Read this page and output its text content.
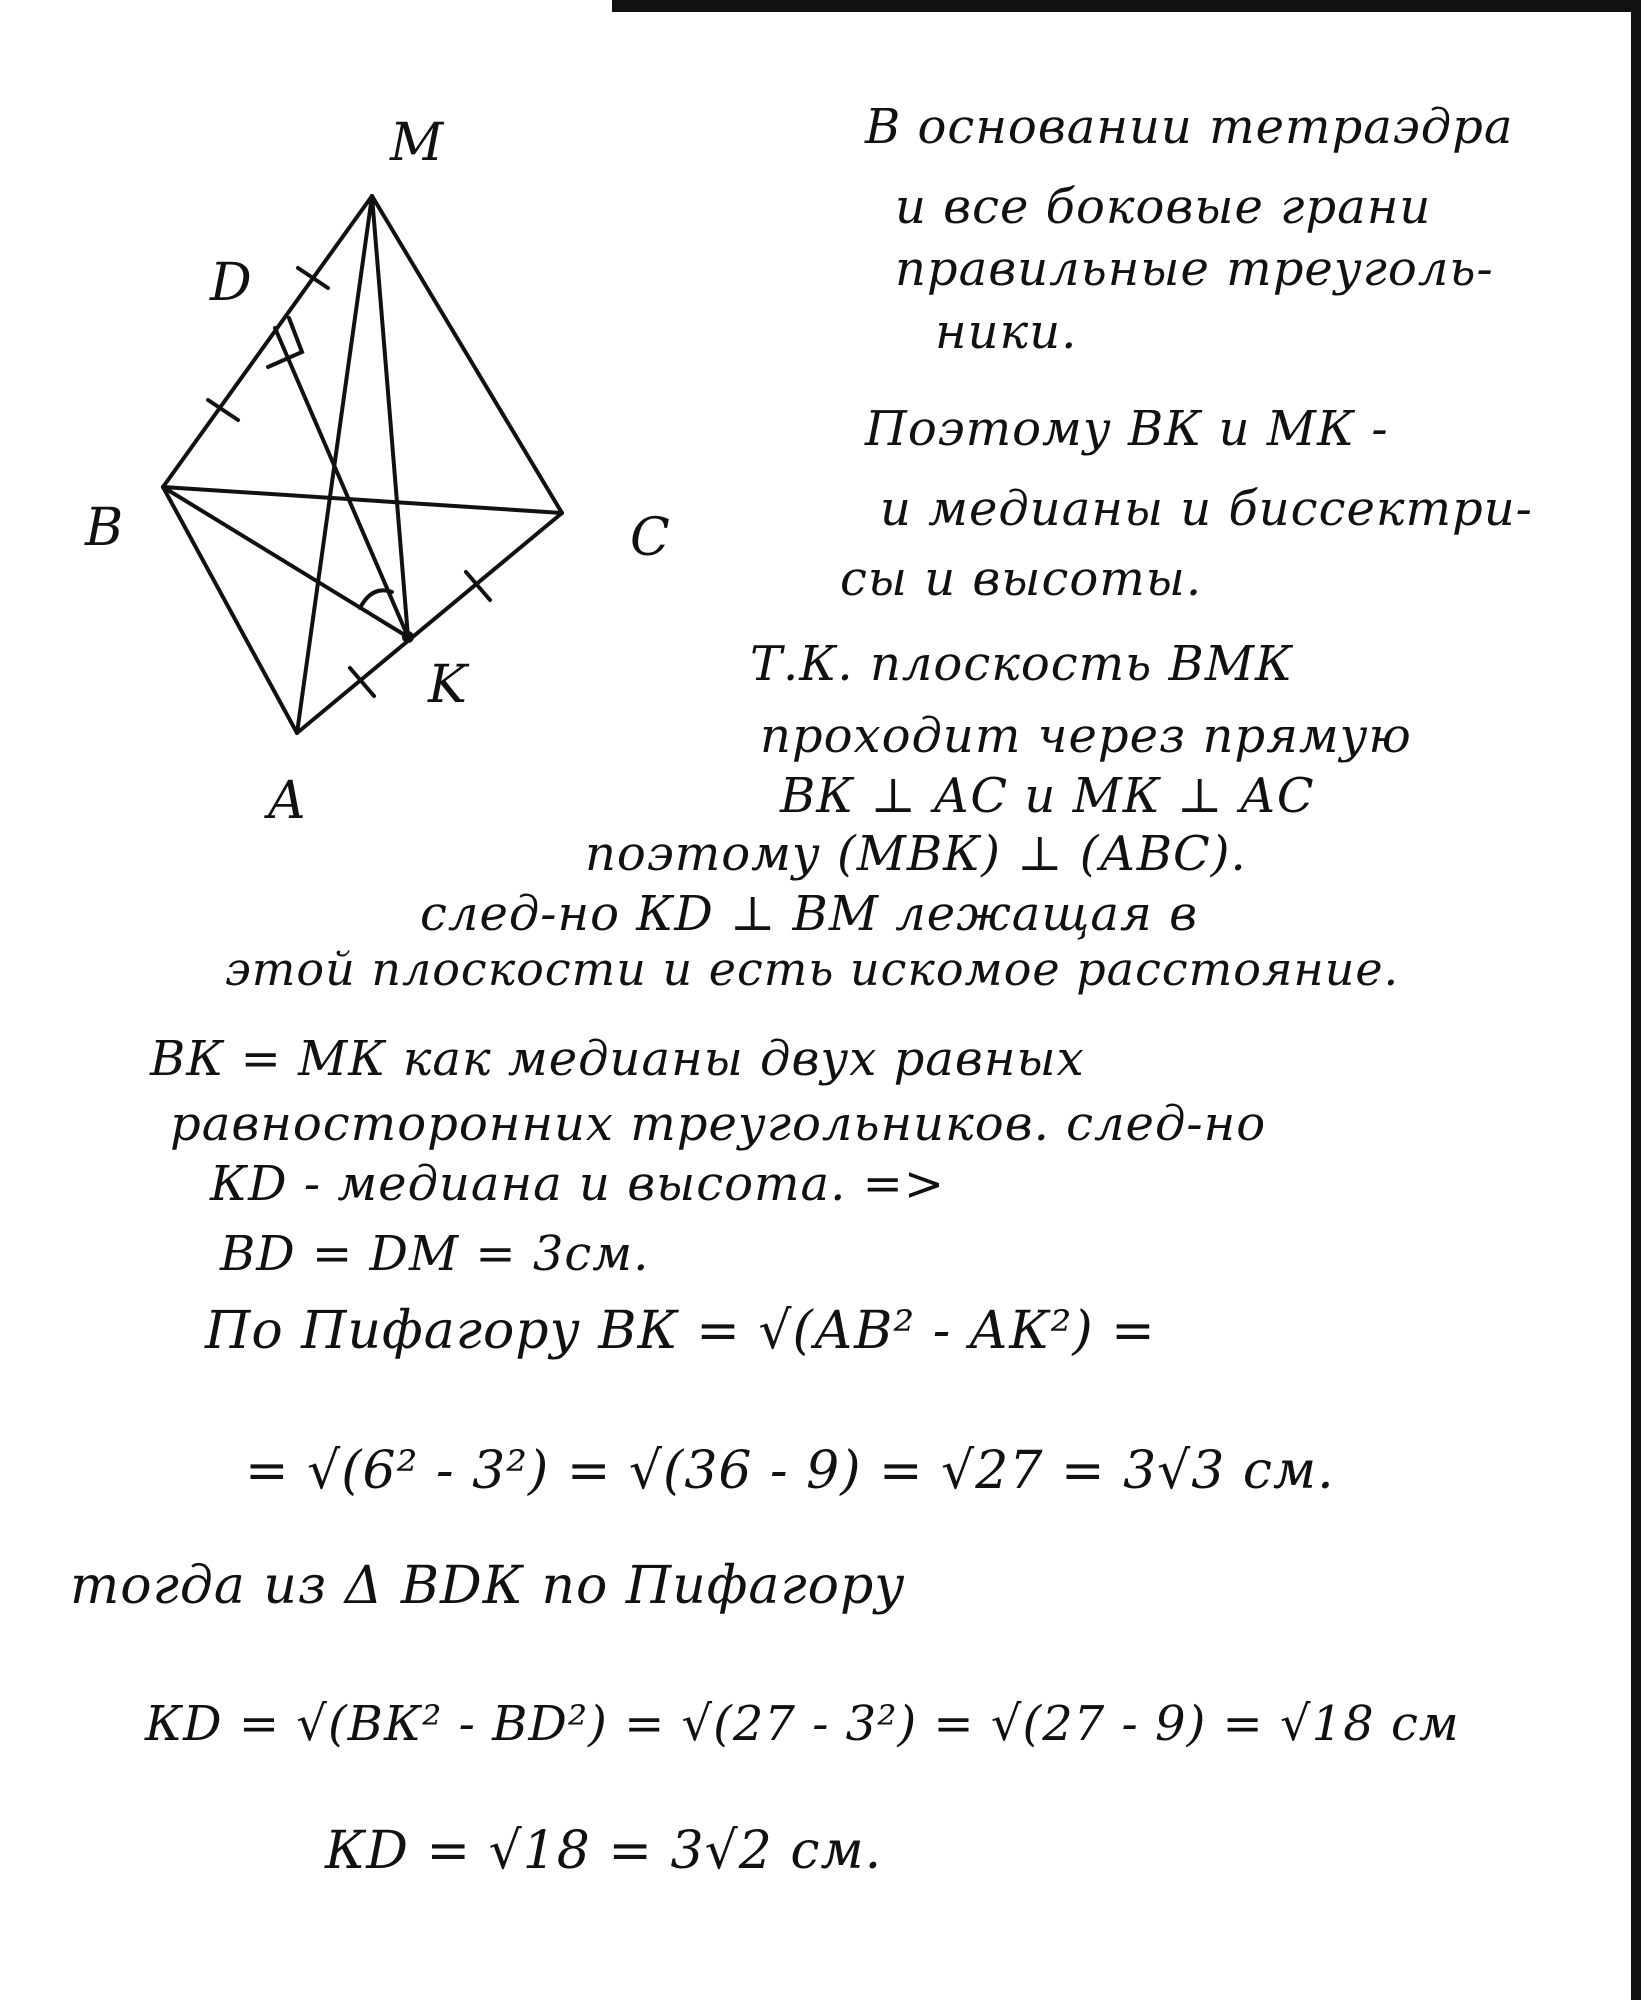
M
D
B	C
A
K

В основании тетраэдра

и все боковые грани

правильные треуголь-

ники.

Поэтому ВК и МК -

и медианы и биссектри-

сы и высоты.

Т.К. плоскость ВМК

проходит через прямую

ВК ⊥ АС и МК ⊥ АС

поэтому (МВК) ⊥ (АВС).

след-но КD ⊥ ВМ лежащая в

этой плоскости и есть искомое расстояние.

ВК = МК как медианы двух равных

равносторонних треугольников. след-но

КD - медиана и высота. =>

ВD = DМ = 3см.

По Пифагору ВК = √(АВ² - АК²) =

= √(6² - 3²) = √(36 - 9) = √27 = 3√3 см.

тогда из Δ ВDК по Пифагору

КD = √(ВК² - ВD²) = √(27 - 3²) = √(27 - 9) = √18 см

КD = √18 = 3√2 см.
